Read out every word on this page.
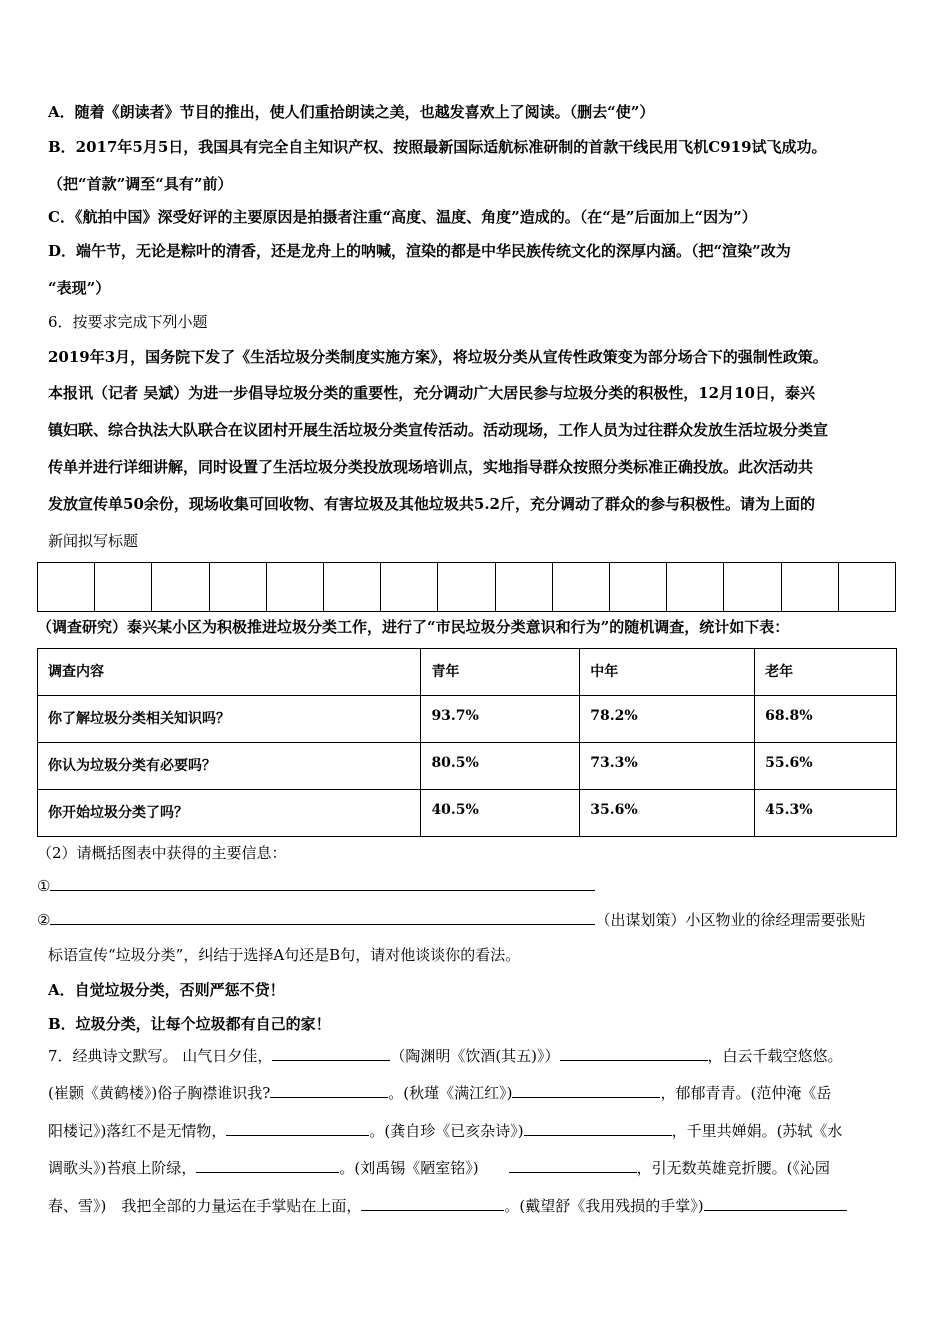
A．随着《朗读者》节目的推出，使人们重拾朗读之美，也越发喜欢上了阅读。（删去“使”）
B．2017年5月5日，我国具有完全自主知识产权、按照最新国际适航标准研制的首款干线民用飞机C919试飞成功。
（把“首款”调至“具有”前）
C．《航拍中国》深受好评的主要原因是拍摄者注重“高度、温度、角度”造成的。（在“是”后面加上“因为”）
D．端午节，无论是粽叶的清香，还是龙舟上的呐喊，渲染的都是中华民族传统文化的深厚内涵。（把“渲染”改为
“表现”）
6．按要求完成下列小题
2019年3月，国务院下发了《生活垃圾分类制度实施方案》，将垃圾分类从宣传性政策变为部分场合下的强制性政策。
本报讯（记者 吴斌）为进一步倡导垃圾分类的重要性，充分调动广大居民参与垃圾分类的积极性，12月10日，泰兴
镇妇联、综合执法大队联合在议团村开展生活垃圾分类宣传活动。活动现场，工作人员为过往群众发放生活垃圾分类宣
传单并进行详细讲解，同时设置了生活垃圾分类投放现场培训点，实地指导群众按照分类标准正确投放。此次活动共
发放宣传单50余份，现场收集可回收物、有害垃圾及其他垃圾共5.2斤，充分调动了群众的参与积极性。请为上面的
新闻拟写标题
（调查研究）泰兴某小区为积极推进垃圾分类工作，进行了“市民垃圾分类意识和行为”的随机调查，统计如下表：
调查内容	青年	中年	老年
你了解垃圾分类相关知识吗？	93.7%	78.2%	68.8%
你认为垃圾分类有必要吗？	80.5%	73.3%	55.6%
你开始垃圾分类了吗？	40.5%	35.6%	45.3%
（2）请概括图表中获得的主要信息：
①
②	（出谋划策）小区物业的徐经理需要张贴
标语宣传“垃圾分类”，纠结于选择A句还是B句，请对他谈谈你的看法。
A．自觉垃圾分类，否则严惩不贷！
B．垃圾分类，让每个垃圾都有自己的家！
7．经典诗文默写。 山气日夕佳，	（陶渊明《饮酒(其五)》）	，白云千载空悠悠。
(崔颢《黄鹤楼》)俗子胸襟谁识我?	。(秋瑾《满江红》)	，郁郁青青。(范仲淹《岳
阳楼记》)落红不是无情物，	。(龚自珍《已亥杂诗》)	，千里共婵娟。(苏轼《水
调歌头》)苔痕上阶绿，	。(刘禹锡《陋室铭》)	，引无数英雄竞折腰。(《沁园
春、雪》)　我把全部的力量运在手掌贴在上面，	。(戴望舒《我用残损的手掌》)
